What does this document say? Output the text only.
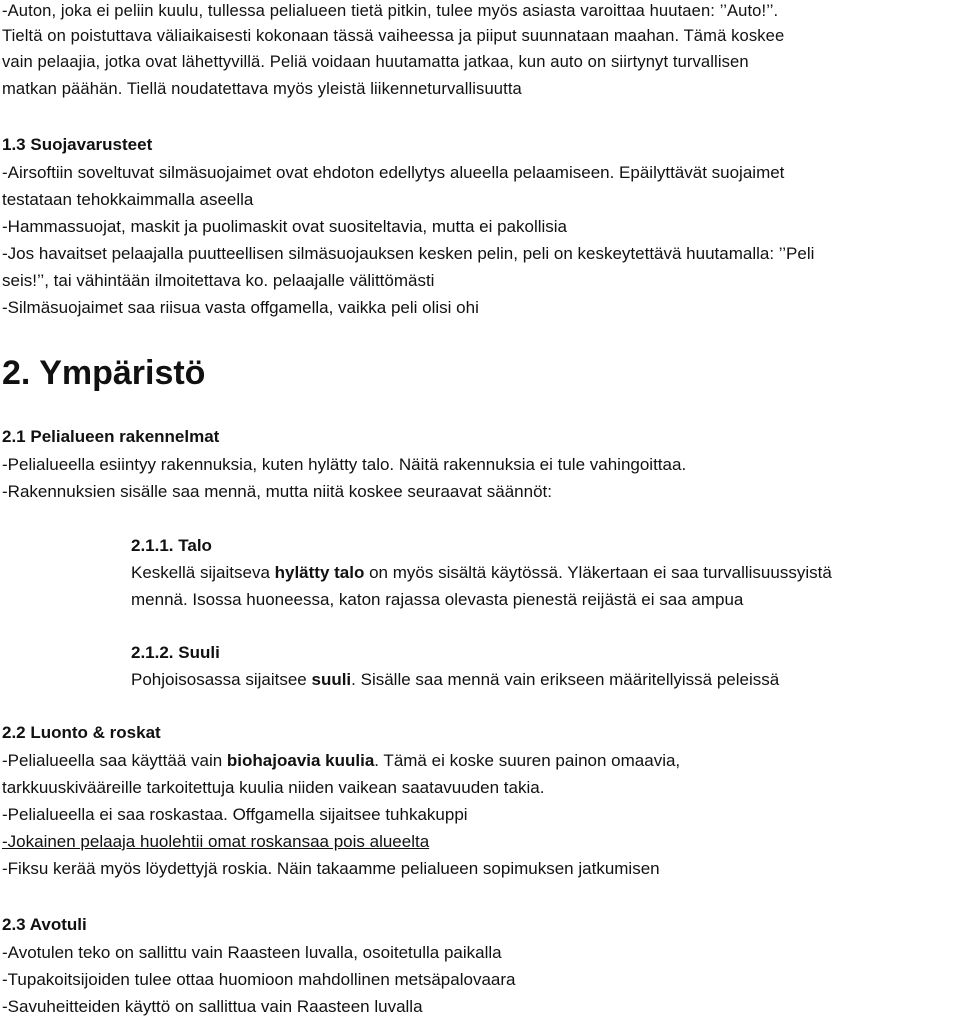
-Auton, joka ei peliin kuulu, tullessa pelialueen tietä pitkin, tulee myös asiasta varoittaa huutaen: ’’Auto!’’.
Tieltä on poistuttava väliaikaisesti kokonaan tässä vaiheessa ja piiput suunnataan maahan. Tämä koskee
vain pelaajia, jotka ovat lähettyvillä. Peliä voidaan huutamatta jatkaa, kun auto on siirtynyt turvallisen
matkan päähän. Tiellä noudatettava myös yleistä liikenneturvallisuutta
1.3 Suojavarusteet
-Airsoftiin soveltuvat silmäsuojaimet ovat ehdoton edellytys alueella pelaamiseen. Epäilyttävät suojaimet
testataan tehokkaimmalla aseella
-Hammassuojat, maskit ja puolimaskit ovat suositeltavia, mutta ei pakollisia
-Jos havaitset pelaajalla puutteellisen silmäsuojauksen kesken pelin, peli on keskeytettävä huutamalla: ’’Peli
seis!’’, tai vähintään ilmoitettava ko. pelaajalle välittömästi
-Silmäsuojaimet saa riisua vasta offgamella, vaikka peli olisi ohi
2. Ympäristö
2.1 Pelialueen rakennelmat
-Pelialueella esiintyy rakennuksia, kuten hylätty talo. Näitä rakennuksia ei tule vahingoittaa.
-Rakennuksien sisälle saa mennä, mutta niitä koskee seuraavat säännöt:
2.1.1. Talo
Keskellä sijaitseva hylätty talo on myös sisältä käytössä. Yläkertaan ei saa turvallisuussyistä
mennä. Isossa huoneessa, katon rajassa olevasta pienestä reijästä ei saa ampua
2.1.2. Suuli
Pohjoisosassa sijaitsee suuli. Sisälle saa mennä vain erikseen määritellyissä peleissä
2.2 Luonto & roskat
-Pelialueella saa käyttää vain biohajoavia kuulia. Tämä ei koske suuren painon omaavia,
tarkkuuskivääreille tarkoitettuja kuulia niiden vaikean saatavuuden takia.
-Pelialueella ei saa roskastaa. Offgamella sijaitsee tuhkakuppi
-Jokainen pelaaja huolehtii omat roskansaa pois alueelta
-Fiksu kerää myös löydettyjä roskia. Näin takaamme pelialueen sopimuksen jatkumisen
2.3 Avotuli
-Avotulen teko on sallittu vain Raasteen luvalla, osoitetulla paikalla
-Tupakoitsijoiden tulee ottaa huomioon mahdollinen metsäpalovaara
-Savuheitteiden käyttö on sallittua vain Raasteen luvalla
